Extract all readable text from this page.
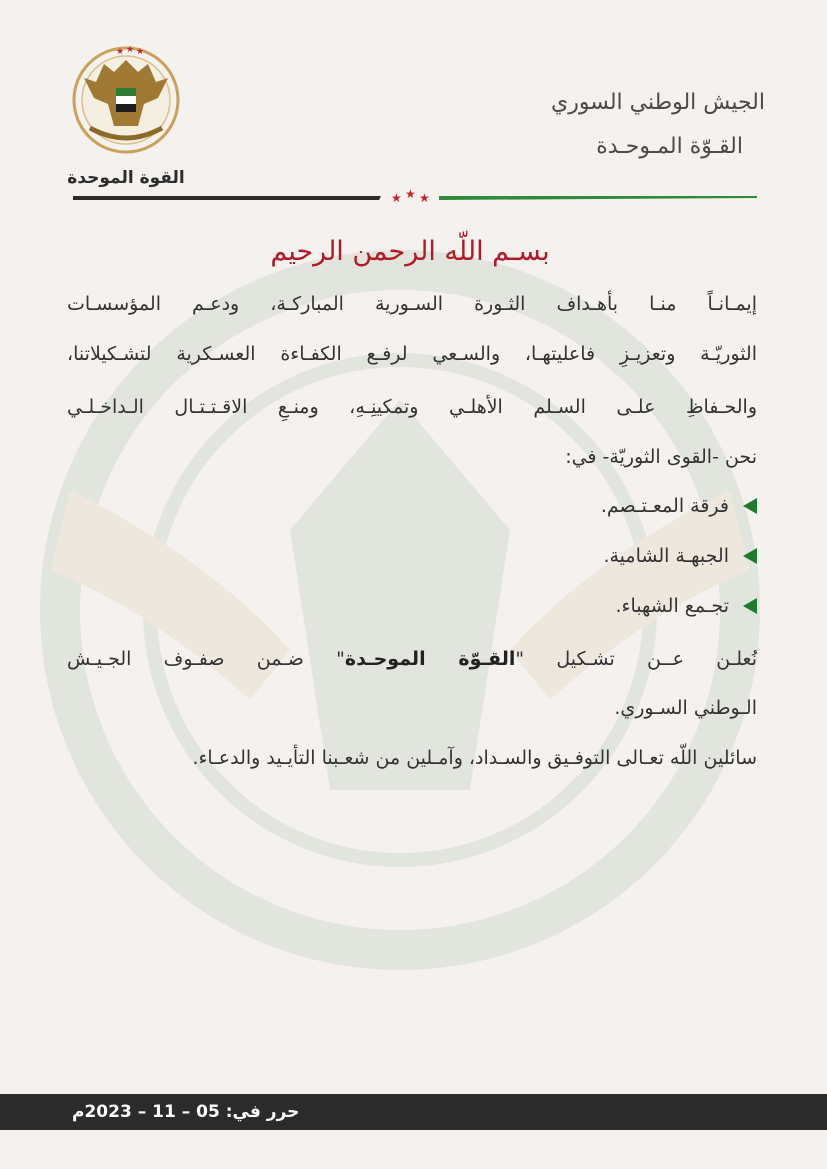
★ ★ ★
القوة الموحدة
الجيش الوطني السوري
القـوّة المـوحـدة
★ ★ ★
بسـم اللّه الرحمن الرحيم
إيمـانـاً منـا بأهـداف الثـورة السـورية المباركـة، ودعـم المؤسسـات
الثوريّـة وتعزيـزِ فاعليتهـا، والسـعي لرفـع الكفـاءة العسـكرية لتشـكيلاتنا،
والحـفاظِ علـى السـلم الأهلـي وتمكينِـهِ، ومنـعِ الاقـتـتـال الـداخـلـي
نحن -القوى الثوريّة- في:
فرقة المعـتـصم.
الجبهـة الشامية.
تجـمع الشهباء.
نُعلـن عــن تشـكيل "القـوّة الموحـدة" ضـمن صفـوف الجـيـش
الـوطني السـوري.
سائلين اللّه تعـالى التوفـيق والسـداد، وآمـلين من شعـبنا التأيـيد والدعـاء.
حرر في: 05 – 11 – 2023م
